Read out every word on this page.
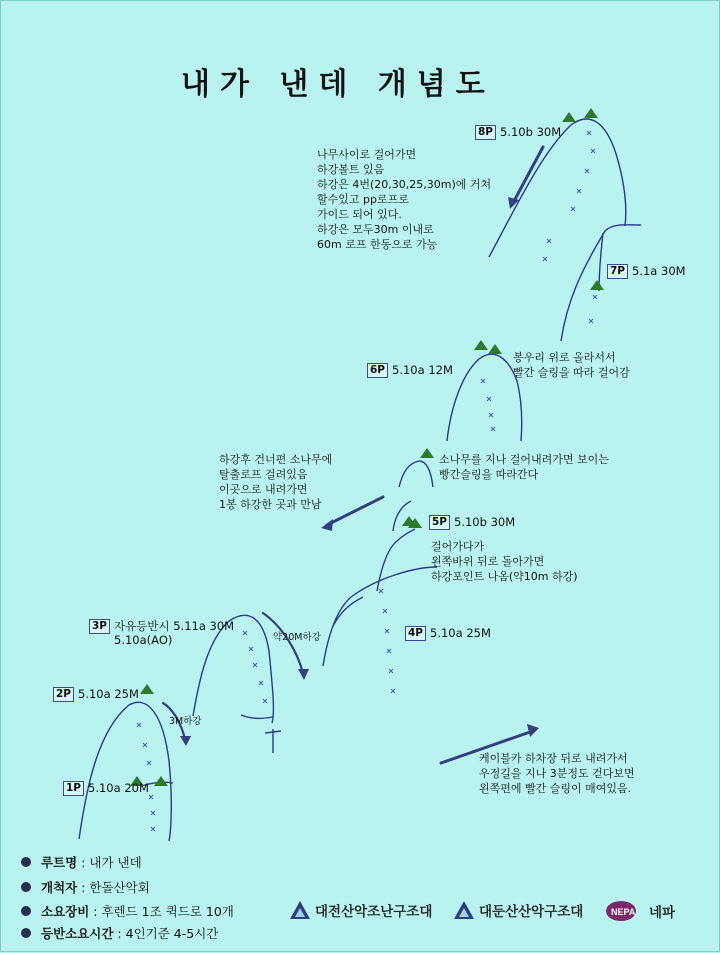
내가 낸데 개념도
나무사이로 걸어가면
하강볼트 있음
하강은 4번(20,30,25,30m)에 거쳐
할수있고 pp로프로
가이드 되어 있다.
하강은 모두30m 이내로
60m 로프 한동으로 가능
봉우리 위로 올라서서
빨간 슬링을 따라 걸어감
하강후 건너편 소나무에
탈출로프 걸려있음
이곳으로 내려가면
1봉 하강한 곳과 만남
소나무를 지나 걸어내려가면 보이는
빵간슬링을 따라간다
걸어가다가
왼쪽바위 뒤로 돌아가면
하강포인트 나옴(약10m 하강)
케이블카 하차장 뒤로 내려가서
우정길을 지나 3분정도 걷다보면
왼쪽편에 빨간 슬링이 매여있음.
8P 5.10b 30M
7P 5.1a 30M
6P 5.10a 12M
5P 5.10b 30M
4P 5.10a 25M
3P 자유등반시 5.11a 30M
5.10a(AO)
2P 5.10a 25M
1P 5.10a 20M
약20M하강
3M하강
루트명 : 내가 낸데
개척자 : 한돌산악회
소요장비 : 후렌드 1조 퀵드로 10개
등반소요시간 : 4인기준 4-5시간
대전산악조난구조대	대둔산산악구조대	NEPA 네파
